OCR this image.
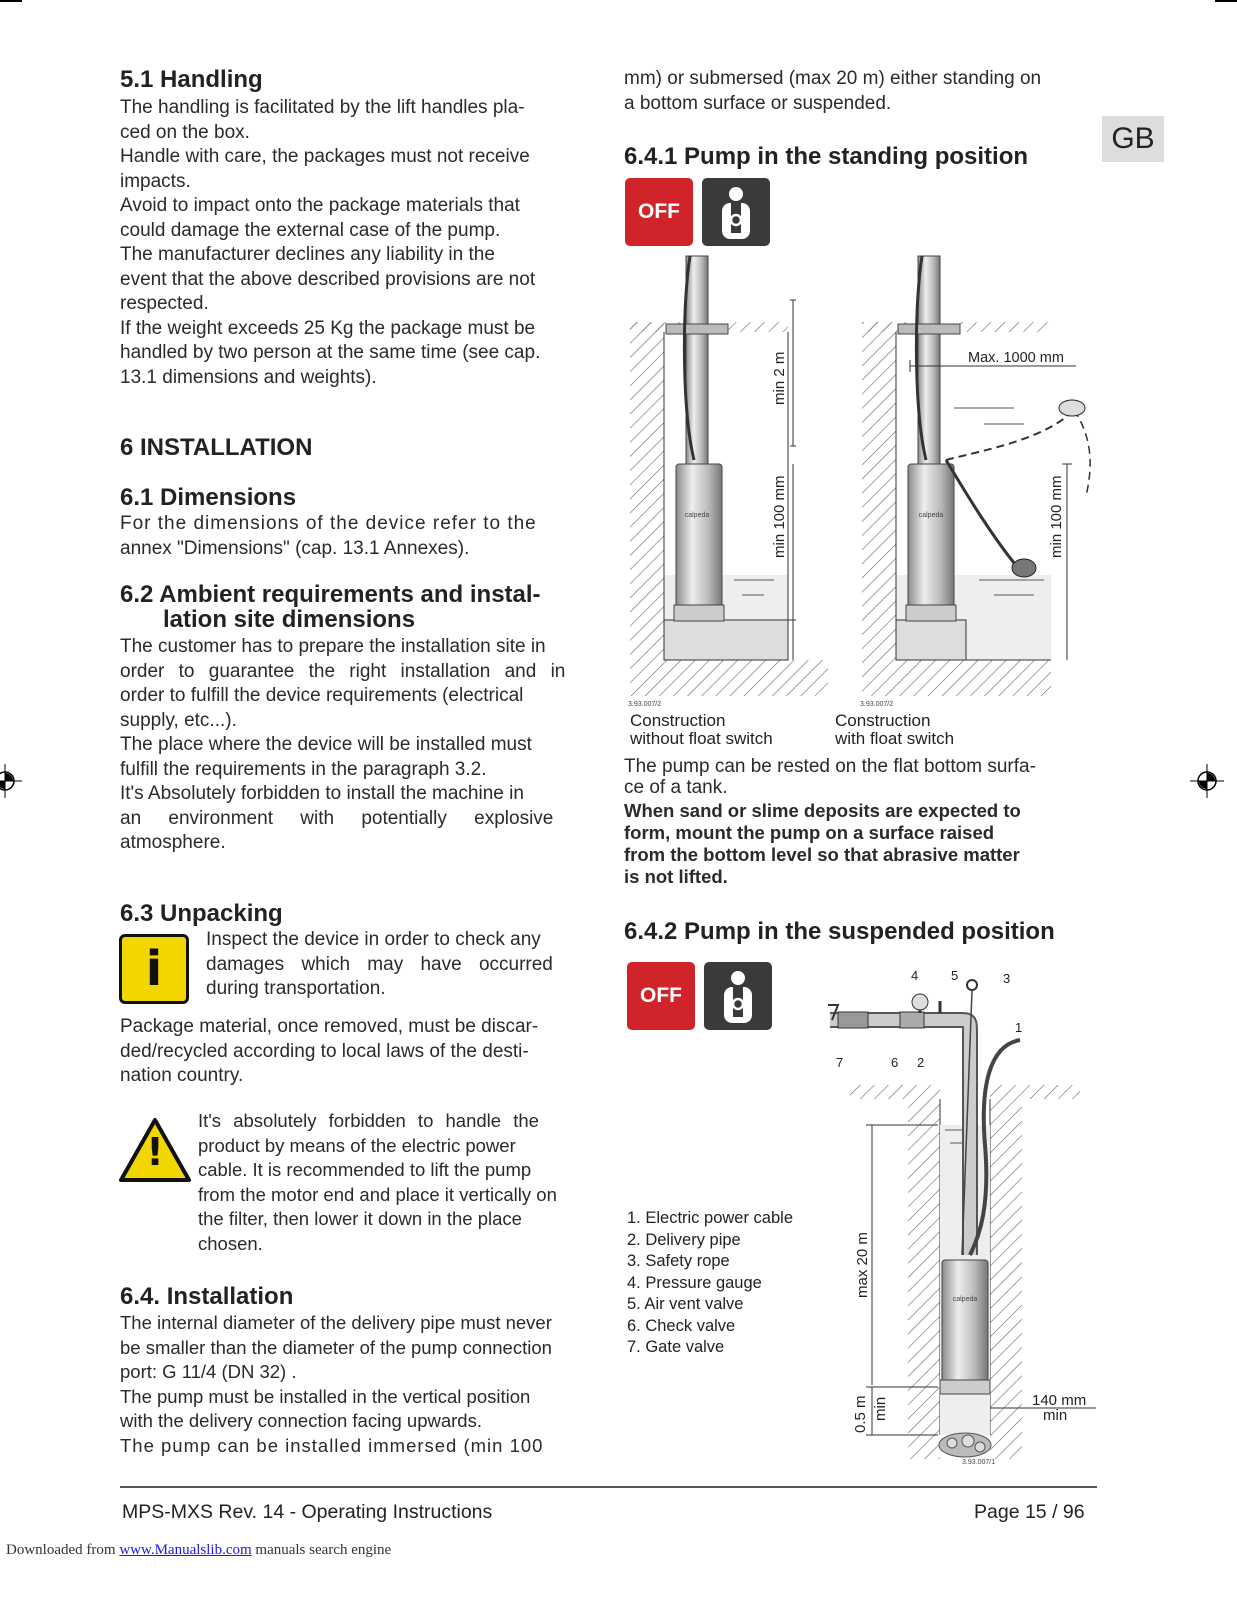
GB
5.1 Handling
The handling is facilitated by the lift handles pla-
ced on the box.
Handle with care, the packages must not receive
impacts.
Avoid to impact onto the package materials that
could damage the external case of the pump.
The manufacturer declines any liability in the
event that the above described provisions are not
respected.
If the weight exceeds 25 Kg the package must be
handled by two person at the same time (see cap.
13.1 dimensions and weights).
6 INSTALLATION
6.1 Dimensions
For the dimensions of the device refer to the
annex "Dimensions" (cap. 13.1 Annexes).
6.2 Ambient requirements and instal-
lation site dimensions
The customer has to prepare the installation site in
order to guarantee the right installation and in
order to fulfill the device requirements (electrical
supply, etc...).
The place where the device will be installed must
fulfill the requirements in the paragraph 3.2.
It's Absolutely forbidden to install the machine in
an environment with potentially explosive
atmosphere.
6.3 Unpacking
i
Inspect the device in order to check any
damages which may have occurred
during transportation.
Package material, once removed, must be discar-
ded/recycled according to local laws of the desti-
nation country.
!
It's absolutely forbidden to handle the
product by means of the electric power
cable. It is recommended to lift the pump
from the motor end and place it vertically on
the filter, then lower it down in the place
chosen.
6.4. Installation
The internal diameter of the delivery pipe must never
be smaller than the diameter of the pump connection
port: G 11/4 (DN 32) .
The pump must be installed in the vertical position
with the delivery connection facing upwards.
The pump can be installed immersed (min 100
mm) or submersed (max 20 m) either standing on
a bottom surface or suspended.
6.4.1 Pump in the standing position
OFF
calpeda
min 2 m
min 100 mm
3.93.007/2
calpeda
Max. 1000 mm
min 100 mm
3.93.007/2
Construction
without float switch
Construction
with float switch
The pump can be rested on the flat bottom surfa-
ce of a tank.
When sand or slime deposits are expected to
form, mount the pump on a surface raised
from the bottom level so that abrasive matter
is not lifted.
6.4.2 Pump in the suspended position
OFF
calpeda
max 20 m
0.5 m min	140 mm
min
1
2
3
4	5
6
7
3.93.007/1
1. Electric power cable
2. Delivery pipe
3. Safety rope
4. Pressure gauge
5. Air vent valve
6. Check valve
7. Gate valve
MPS-MXS Rev. 14 - Operating Instructions	Page 15 / 96
Downloaded from www.Manualslib.com manuals search engine
